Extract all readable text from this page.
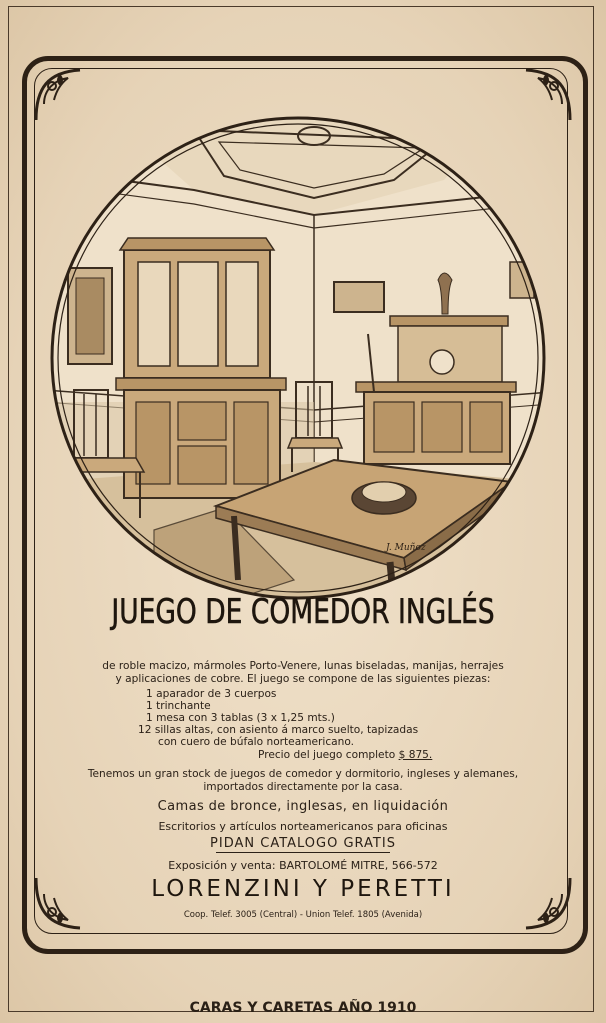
J. Muñoz
JUEGO DE COMEDOR INGLÉS
de roble macizo, mármoles Porto-Venere, lunas biseladas, manijas, herrajes
y aplicaciones de cobre. El juego se compone de las siguientes piezas:
1 aparador de 3 cuerpos
1 trinchante
1 mesa con 3 tablas (3 x 1,25 mts.)
12 sillas altas, con asiento á marco suelto, tapizadas
con cuero de búfalo norteamericano.
Precio del juego completo $ 875.
Tenemos un gran stock de juegos de comedor y dormitorio, ingleses y alemanes,
importados directamente por la casa.
Camas de bronce, inglesas, en liquidación
Escritorios y artículos norteamericanos para oficinas
PIDAN CATALOGO GRATIS
Exposición y venta: BARTOLOMÉ MITRE, 566-572
LORENZINI Y PERETTI
Coop. Telef. 3005 (Central) - Union Telef. 1805 (Avenida)
CARAS Y CARETAS AÑO 1910
